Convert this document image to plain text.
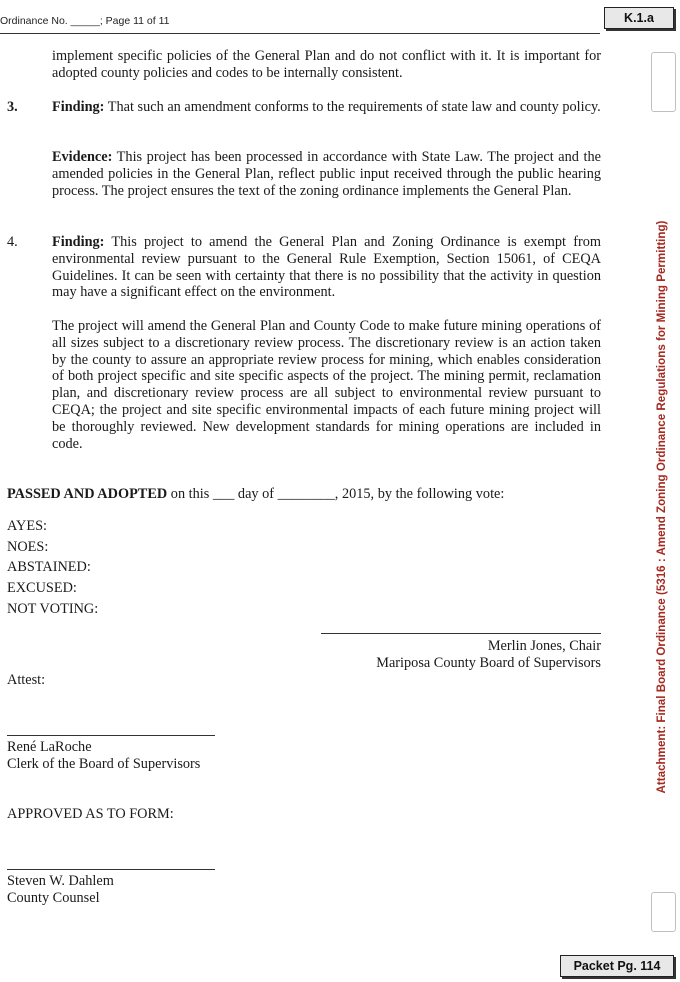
Ordinance No. _____; Page 11 of 11	K.1.a
Attachment: Final Board Ordinance (5316 : Amend Zoning Ordinance Regulations for Mining Permitting)
implement specific policies of the General Plan and do not conflict with it. It is important for adopted county policies and codes to be internally consistent.
3. Finding: That such an amendment conforms to the requirements of state law and county policy.
Evidence: This project has been processed in accordance with State Law. The project and the amended policies in the General Plan, reflect public input received through the public hearing process. The project ensures the text of the zoning ordinance implements the General Plan.
4. Finding: This project to amend the General Plan and Zoning Ordinance is exempt from environmental review pursuant to the General Rule Exemption, Section 15061, of CEQA Guidelines. It can be seen with certainty that there is no possibility that the activity in question may have a significant effect on the environment.
The project will amend the General Plan and County Code to make future mining operations of all sizes subject to a discretionary review process. The discretionary review is an action taken by the county to assure an appropriate review process for mining, which enables consideration of both project specific and site specific aspects of the project. The mining permit, reclamation plan, and discretionary review process are all subject to environmental review pursuant to CEQA; the project and site specific environmental impacts of each future mining project will be thoroughly reviewed. New development standards for mining operations are included in code.
PASSED AND ADOPTED on this ___ day of ________, 2015, by the following vote:
AYES:
NOES:
ABSTAINED:
EXCUSED:
NOT VOTING:
Merlin Jones, Chair
Mariposa County Board of Supervisors
Attest:
René LaRoche
Clerk of the Board of Supervisors
APPROVED AS TO FORM:
Steven W. Dahlem
County Counsel
Packet Pg. 114
